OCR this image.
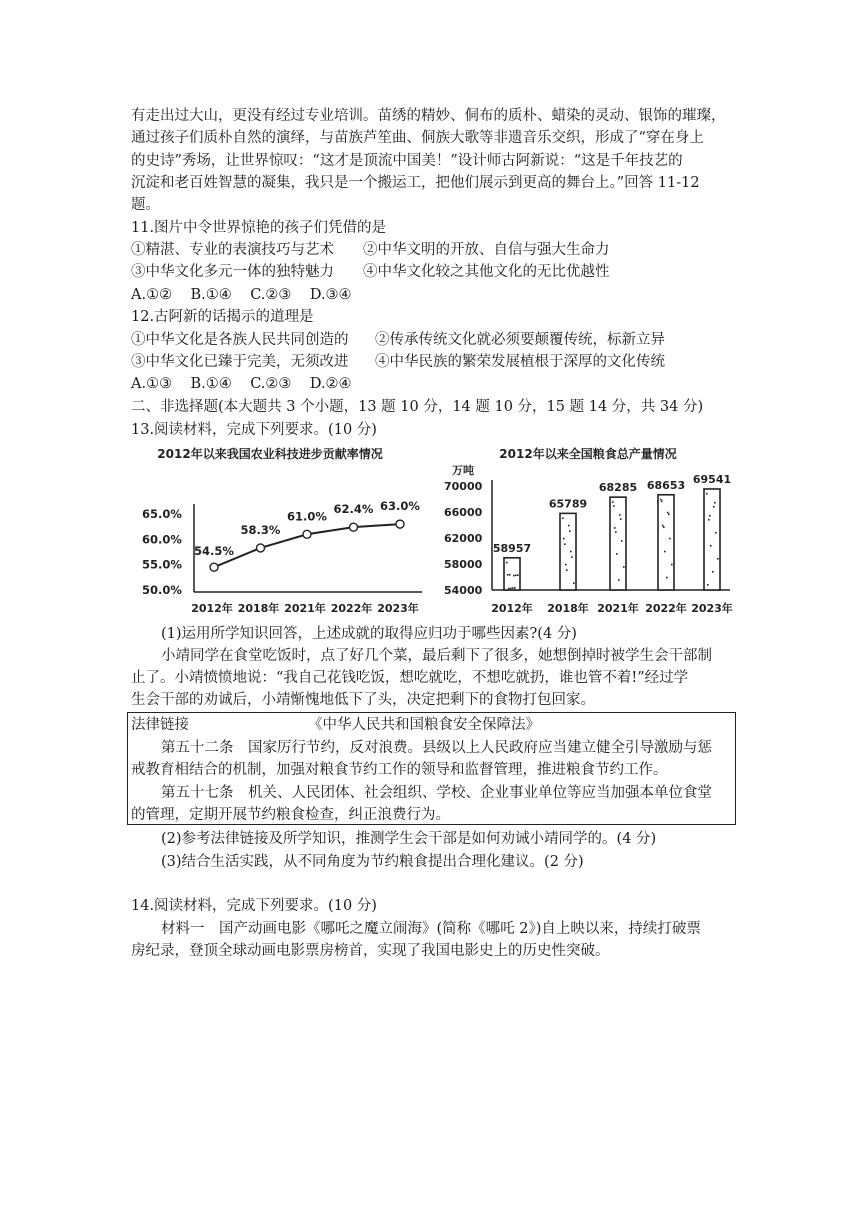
有走出过大山，更没有经过专业培训。苗绣的精妙、侗布的质朴、蜡染的灵动、银饰的璀璨，
通过孩子们质朴自然的演绎，与苗族芦笙曲、侗族大歌等非遗音乐交织，形成了“穿在身上
的史诗”秀场，让世界惊叹：“这才是顶流中国美！”设计师古阿新说：“这是千年技艺的
沉淀和老百姓智慧的凝集，我只是一个搬运工，把他们展示到更高的舞台上。”回答 11-12
题。
11.图片中令世界惊艳的孩子们凭借的是
①精湛、专业的表演技巧与艺术 ②中华文明的开放、自信与强大生命力
③中华文化多元一体的独特魅力 ④中华文化较之其他文化的无比优越性
A.①②    B.①④    C.②③    D.③④
12.古阿新的话揭示的道理是
①中华文化是各族人民共同创造的 ②传承传统文化就必须要颠覆传统，标新立异
③中华文化已臻于完美，无须改进 ④中华民族的繁荣发展植根于深厚的文化传统
A.①③    B.①④    C.②③    D.②④
二、非选择题(本大题共 3 个小题，13 题 10 分，14 题 10 分，15 题 14 分，共 34 分)
13.阅读材料，完成下列要求。(10 分)
2012年以来我国农业科技进步贡献率情况
50.0%
55.0%
60.0%
65.0%
2012年 2018年 2021年 2022年 2023年
54.5%
58.3%
61.0%
62.4% 63.0%
2012年以来全国粮食总产量情况
万吨
54000
58000
62000
66000
70000
58957
2012年
65789
2018年
68285
2021年
68653
2022年
69541
2023年
(1)运用所学知识回答，上述成就的取得应归功于哪些因素?(4 分)
小靖同学在食堂吃饭时，点了好几个菜，最后剩下了很多，她想倒掉时被学生会干部制
止了。小靖愤愤地说：“我自己花钱吃饭，想吃就吃，不想吃就扔，谁也管不着!”经过学
生会干部的劝诚后，小靖惭愧地低下了头，决定把剩下的食物打包回家。
法律链接	《中华人民共和国粮食安全保障法》
第五十二条　国家厉行节约，反对浪费。县级以上人民政府应当建立健全引导激励与惩
戒教育相结合的机制，加强对粮食节约工作的领导和监督管理，推进粮食节约工作。
第五十七条　机关、人民团体、社会组织、学校、企业事业单位等应当加强本单位食堂
的管理，定期开展节约粮食检查，纠正浪费行为。
(2)参考法律链接及所学知识，推测学生会干部是如何劝诫小靖同学的。(4 分)
(3)结合生活实践，从不同角度为节约粮食提出合理化建议。(2 分)
14.阅读材料，完成下列要求。(10 分)
材料一　国产动画电影《哪吒之魔立闹海》(简称《哪吒 2》)自上映以来，持续打破票
房纪录，登顶全球动画电影票房榜首，实现了我国电影史上的历史性突破。
